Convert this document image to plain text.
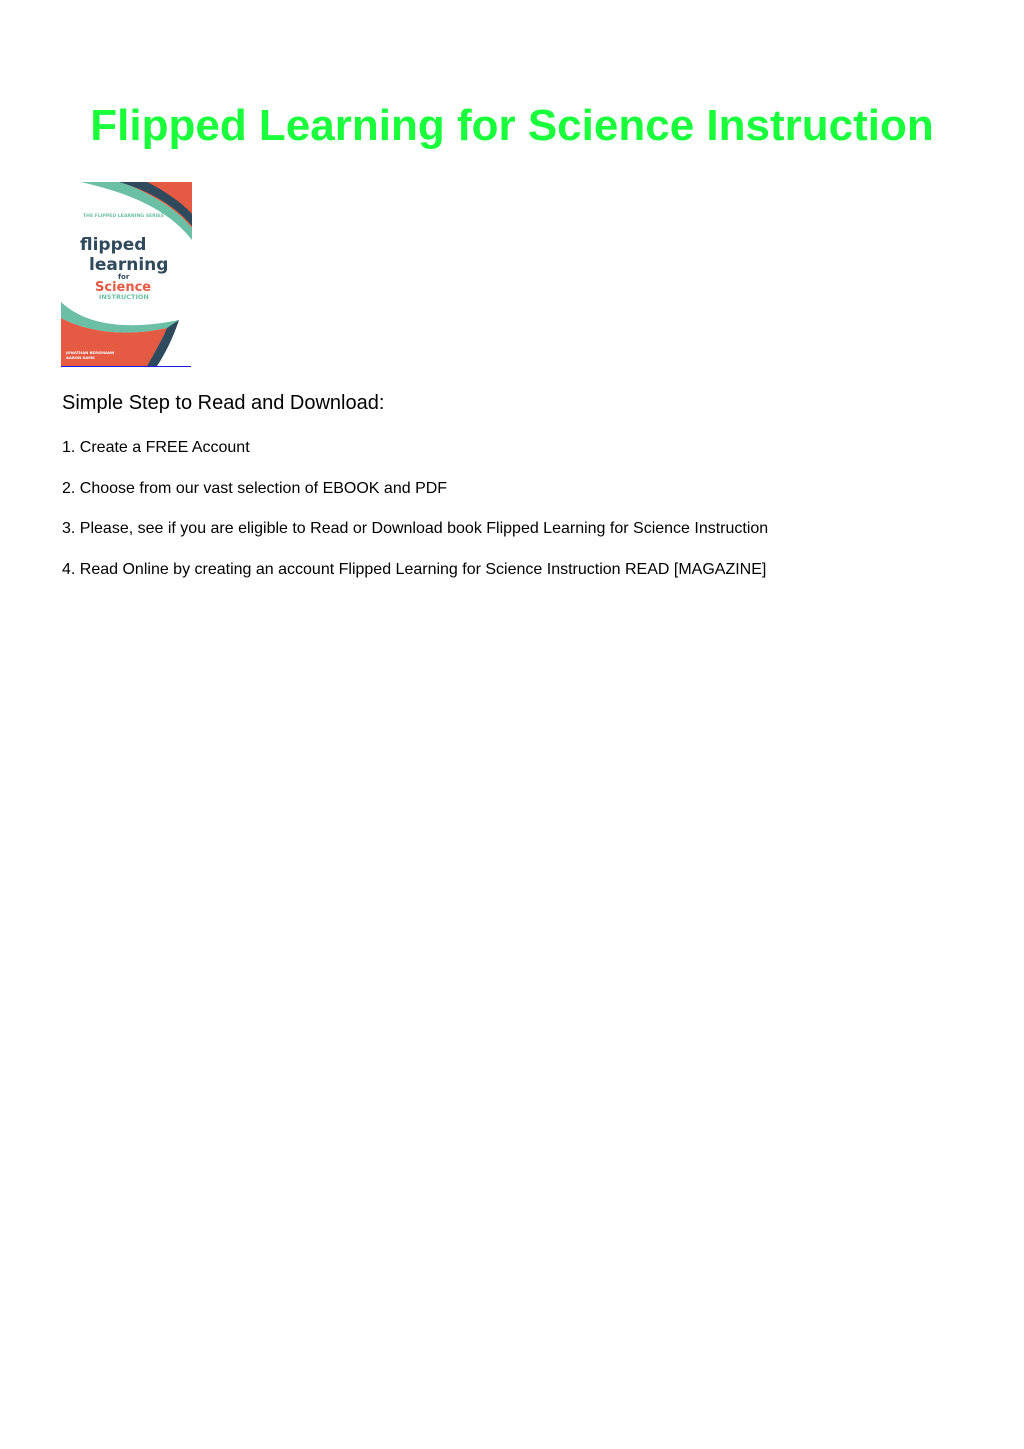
Flipped Learning for Science Instruction
THE FLIPPED LEARNING SERIES
flipped
learning
for
Science
INSTRUCTION
JONATHAN BERGMANN
AARON SAMS
Simple Step to Read and Download:
1. Create a FREE Account
2. Choose from our vast selection of EBOOK and PDF
3. Please, see if you are eligible to Read or Download book Flipped Learning for Science Instruction
4. Read Online by creating an account Flipped Learning for Science Instruction READ [MAGAZINE]
